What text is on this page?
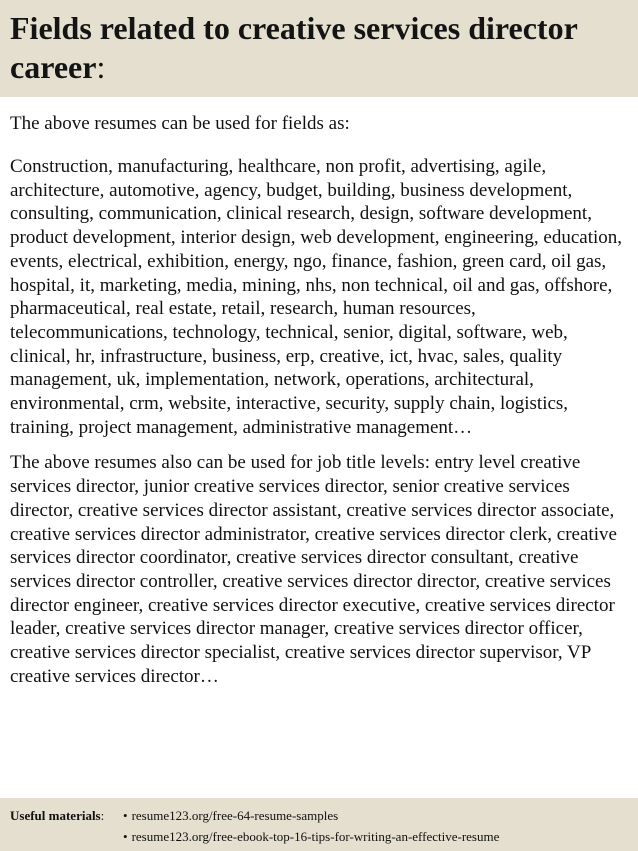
Fields related to creative services director career:

The above resumes can be used for fields as:

Construction, manufacturing, healthcare, non profit, advertising, agile, architecture, automotive, agency, budget, building, business development, consulting, communication, clinical research, design, software development, product development, interior design, web development, engineering, education, events, electrical, exhibition, energy, ngo, finance, fashion, green card, oil gas, hospital, it, marketing, media, mining, nhs, non technical, oil and gas, offshore, pharmaceutical, real estate, retail, research, human resources, telecommunications, technology, technical, senior, digital, software, web, clinical, hr, infrastructure, business, erp, creative, ict, hvac, sales, quality management, uk, implementation, network, operations, architectural, environmental, crm, website, interactive, security, supply chain, logistics, training, project management, administrative management…

The above resumes also can be used for job title levels: entry level creative services director, junior creative services director, senior creative services director, creative services director assistant, creative services director associate, creative services director administrator, creative services director clerk, creative services director coordinator, creative services director consultant, creative services director controller, creative services director director, creative services director engineer, creative services director executive, creative services director leader, creative services director manager, creative services director officer, creative services director specialist, creative services director supervisor, VP creative services director…

Useful materials:	• resume123.org/free-64-resume-samples
• resume123.org/free-ebook-top-16-tips-for-writing-an-effective-resume
